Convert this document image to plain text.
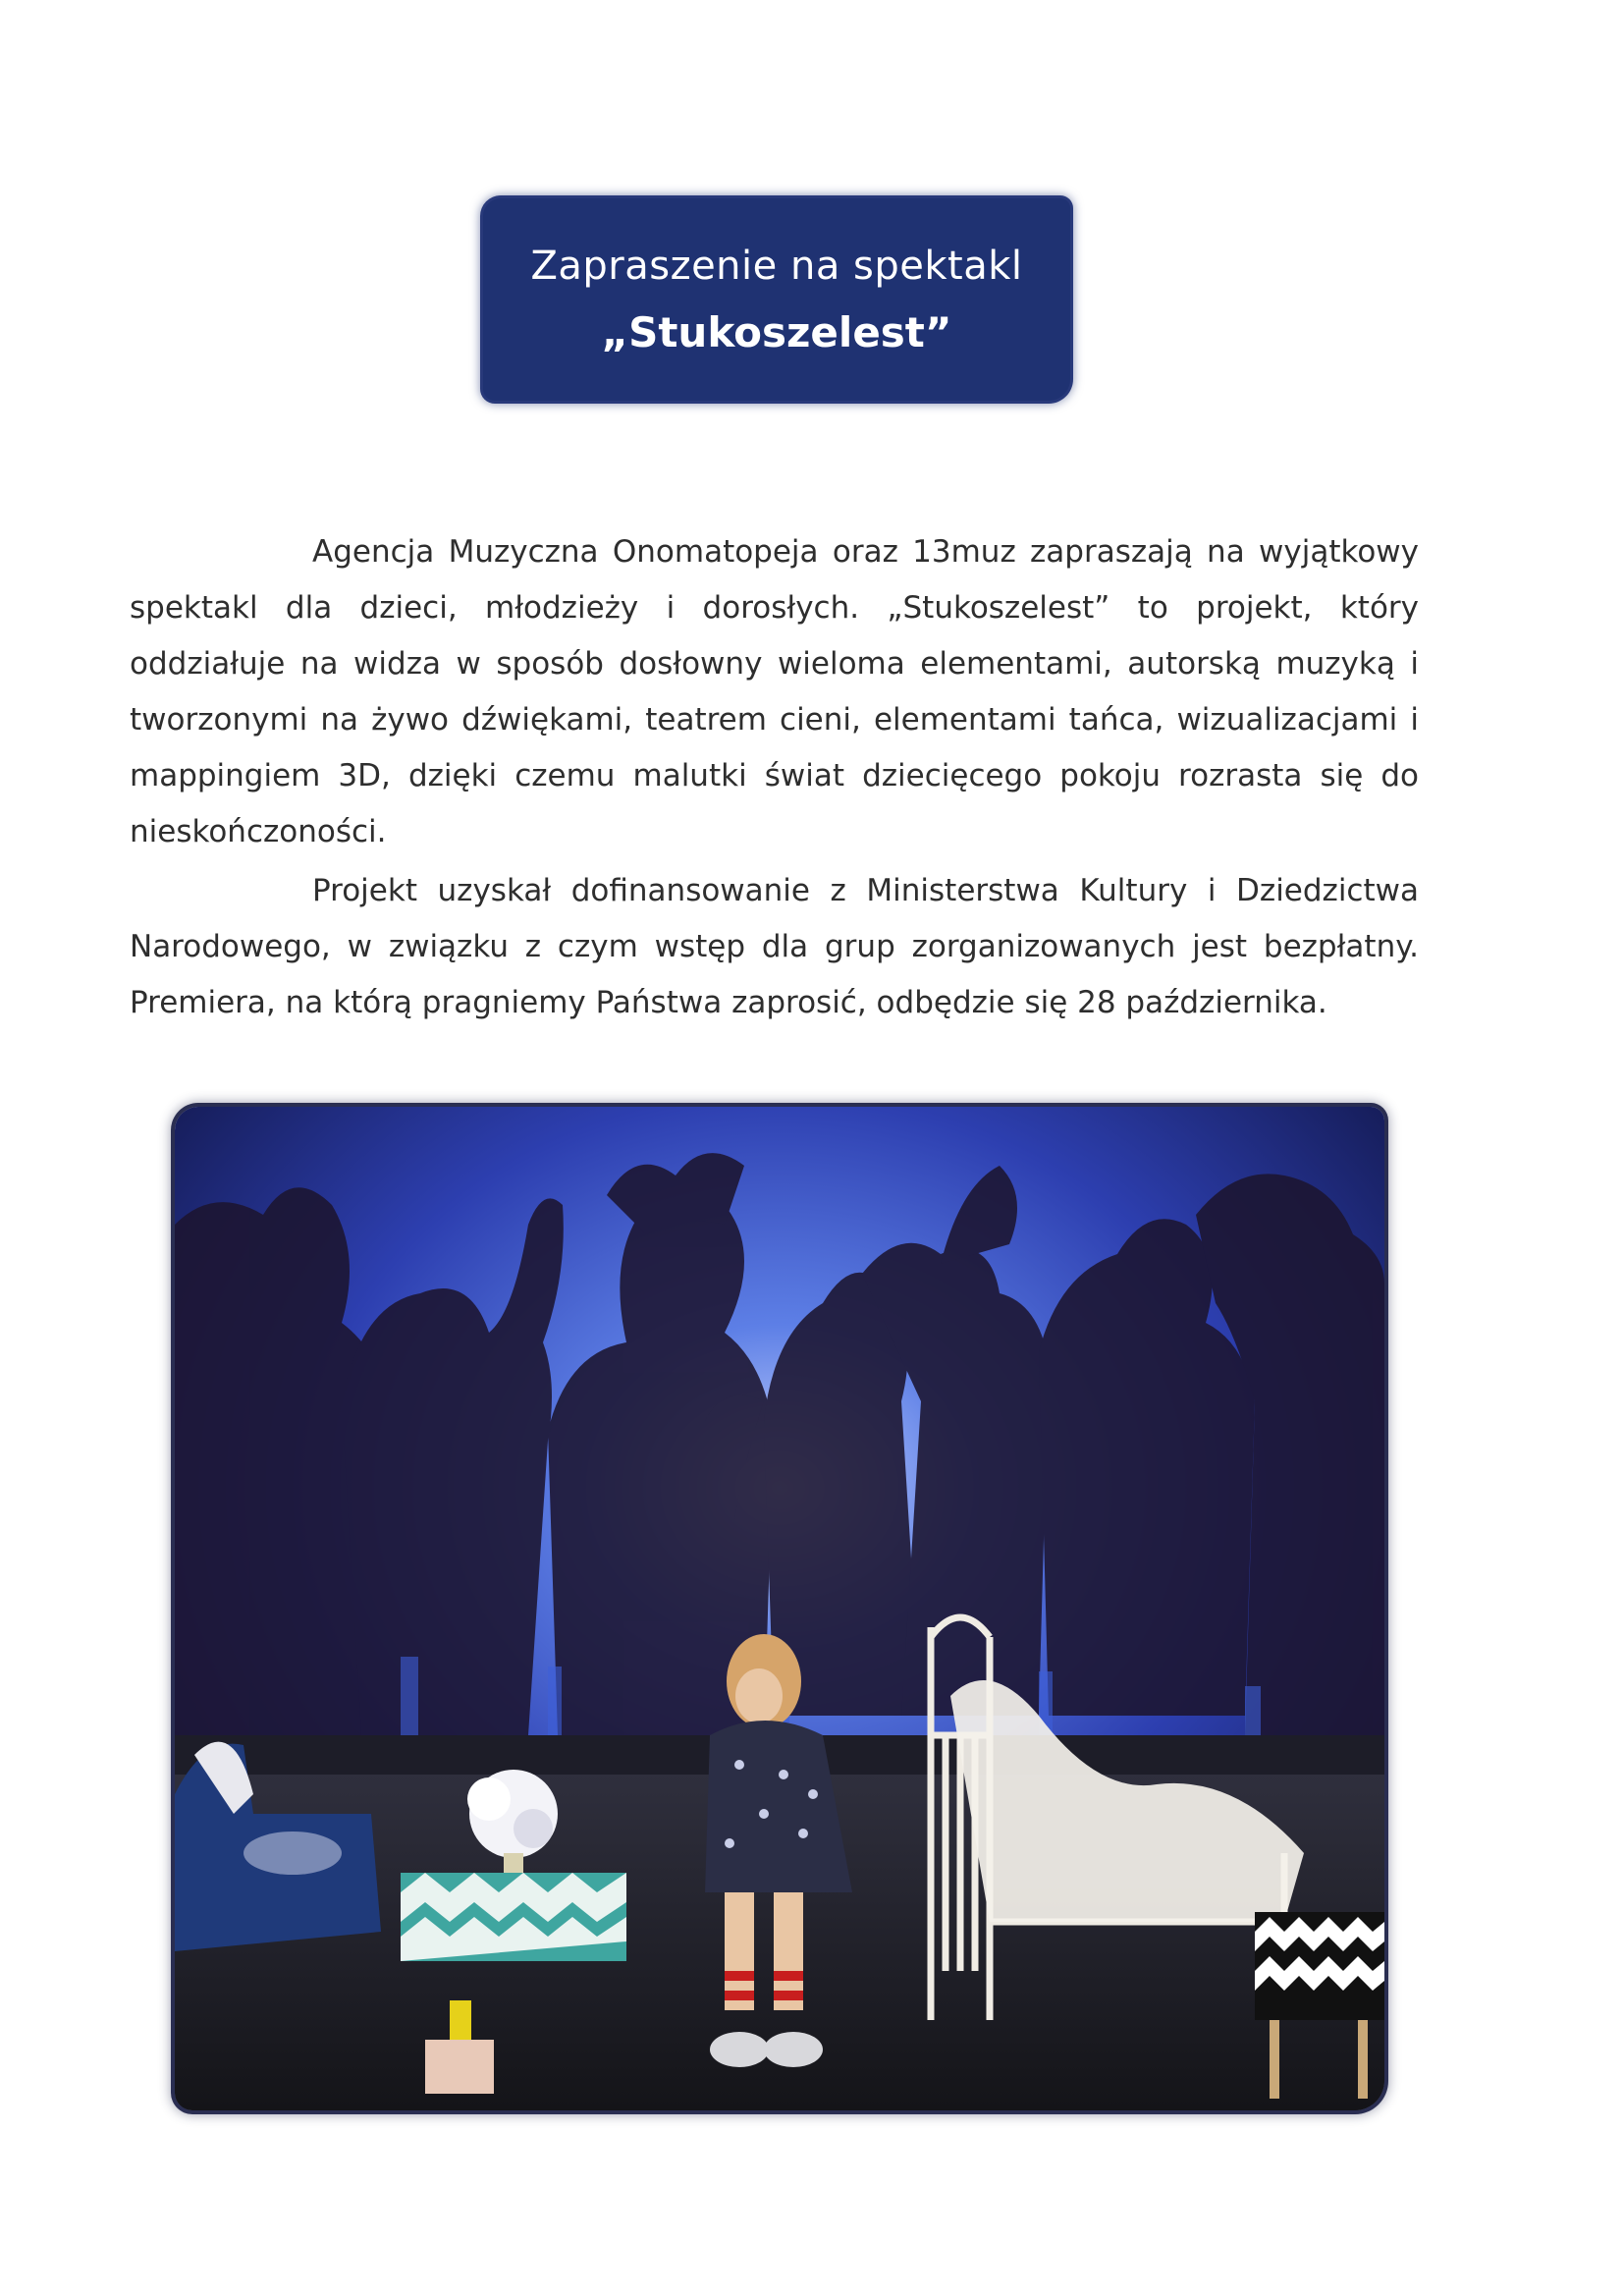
Zapraszenie na spektakl
„Stukoszelest”
Agencja Muzyczna Onomatopeja oraz 13muz zapraszają na wyjątkowy spektakl dla dzieci, młodzieży i dorosłych. „Stukoszelest” to projekt, który oddziałuje na widza w sposób dosłowny wieloma elementami, autorską muzyką i tworzonymi na żywo dźwiękami, teatrem cieni, elementami tańca, wizualizacjami i mappingiem 3D, dzięki czemu malutki świat dziecięcego pokoju rozrasta się do nieskończoności.
Projekt uzyskał dofinansowanie z Ministerstwa Kultury i Dziedzictwa Narodowego, w związku z czym wstęp dla grup zorganizowanych jest bezpłatny. Premiera, na którą pragniemy Państwa zaprosić, odbędzie się 28 października.
